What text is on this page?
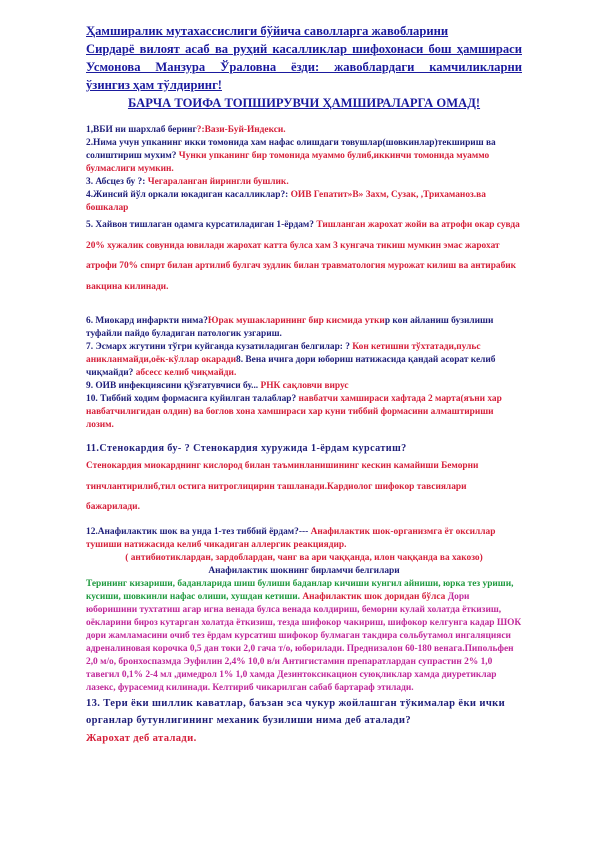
Ҳамширалик мутахассислиги бўйича саволларга жавобларини
Сирдарё вилоят асаб ва руҳий касалликлар шифохонаси бош ҳамшираси
Усмонова Манзура Ўраловна ёзди: жавоблардаги камчиликларни
ўзингиз ҳам тўлдиринг!
БАРЧА ТОИФА ТОПШИРУВЧИ ҲАМШИРАЛАРГА ОМАД!

1,ВБИ ни шархлаб беринг?:Вази-Буй-Индекси.

2.Нима учун упканинг икки томонида хам нафас олишдаги товушлар(шовкинлар)текшириш ва солиштириш мухим? Чунки упканинг бир томонида муаммо булиб,иккинчи томонида муаммо булмаслиги мумкин.

3. Абсцез бу ?: Чегараланган йирингли бушлик.

4.Жинсий йўл оркали юкадиган касалликлар?: ОИВ Гепатит»В» Захм, Сузак, ,Трихаманоз.ва бошкалар

5. Хайвон тишлаган одамга курсатиладиган 1-ёрдам? Тишланган жарохат жойи ва атрофи окар сувда 20% хужалик совунида ювилади жарохат катта булса хам 3 кунгача тикиш мумкин эмас жарохат атрофи 70% спирт билан артилиб булгач зудлик билан травматология мурожат килиш ва антирабик вакцина килинади.

6. Миокард инфаркти нима?Юрак мушакларининг бир кисмида уткир кон айланиш бузилиши туфайли пайдо буладиган патологик узгариш.

7. Эсмарх жгутини тўгри куйганда кузатиладиган белгилар: ? Кон кетишни тўхтатади,пульс аникланмайди,оёк-кўллар окаради8. Вена ичига дори юбориш натижасида қандай асорат келиб чиқмайди? абсесс келиб чиқмайди.

9. ОИВ инфекциясини қўзғатувчиси бу... РНК сақловчи вирус

10. Тиббий ходим формасига куйилган талаблар? навбатчи хамшираси хафтада 2 марта(яъни хар навбатчилигидан олдин) ва боглов хона хамшираси хар куни тиббий формасини алмаштириши лозим.

11.Стенокардия бу- ? Стенокардия хуружида 1-ёрдам курсатиш?

Стенокардия миокарднинг кислород билан таъминланишининг кескин камайиши Беморни тинчлантирилиб,тил остига нитроглицирин ташланади.Кардиолог шифокор тавсиялари бажарилади.

12.Анафилактик шок ва унда 1-тез тиббий ёрдам?--- Анафилактик шок-организмга ёт оксиллар тушиши натижасида келиб чикадиган аллергик реакциядир.

( антибиотиклардан, зардоблардан, чанг ва ари чаққанда, илон чаққанда ва хакозо)

Анафилактик шокнинг бирламчи белгилари

Терининг кизариши, баданларида шиш булиши баданлар кичиши кунгил айниши, юрка тез уриши, кусиши, шовкинли нафас олиши, хушдан кетиши. Анафилактик шок доридан бўлса Дори юборишини тухтатиш агар игна венада булса венада колдириш, беморни кулай холатда ёткизиш, оёкларини бироз кутарган холатда ёткизиш, тезда шифокор чакириш, шифокор келгунга кадар ШОК дори жамламасини очиб тез ёрдам курсатиш шифокор булмаган такдира сольбутамол ингаляцияси адреналиновая корочка 0,5 дан токи 2,0 гача т/о, юборилади. Преднизалон 60-180 венага.Пипольфен 2,0 м/о, бронхоспазмда Эуфилин 2,4% 10,0 в/и Антигистамин препаратлардан супрастин 2% 1,0 тавегил 0,1% 2-4 мл ,димедрол 1% 1,0 хамда Дезинтоксикацион суюқликлар хамда диуретиклар лазекс, фурасемид килинади. Келтириб чикарилган сабаб бартараф этилади.

13. Тери ёки шиллик каватлар, баъзан эса чукур жойлашган тўкималар ёки ички органлар бутунлигининг механик бузилиши нима деб аталади?

Жарохат деб аталади.
